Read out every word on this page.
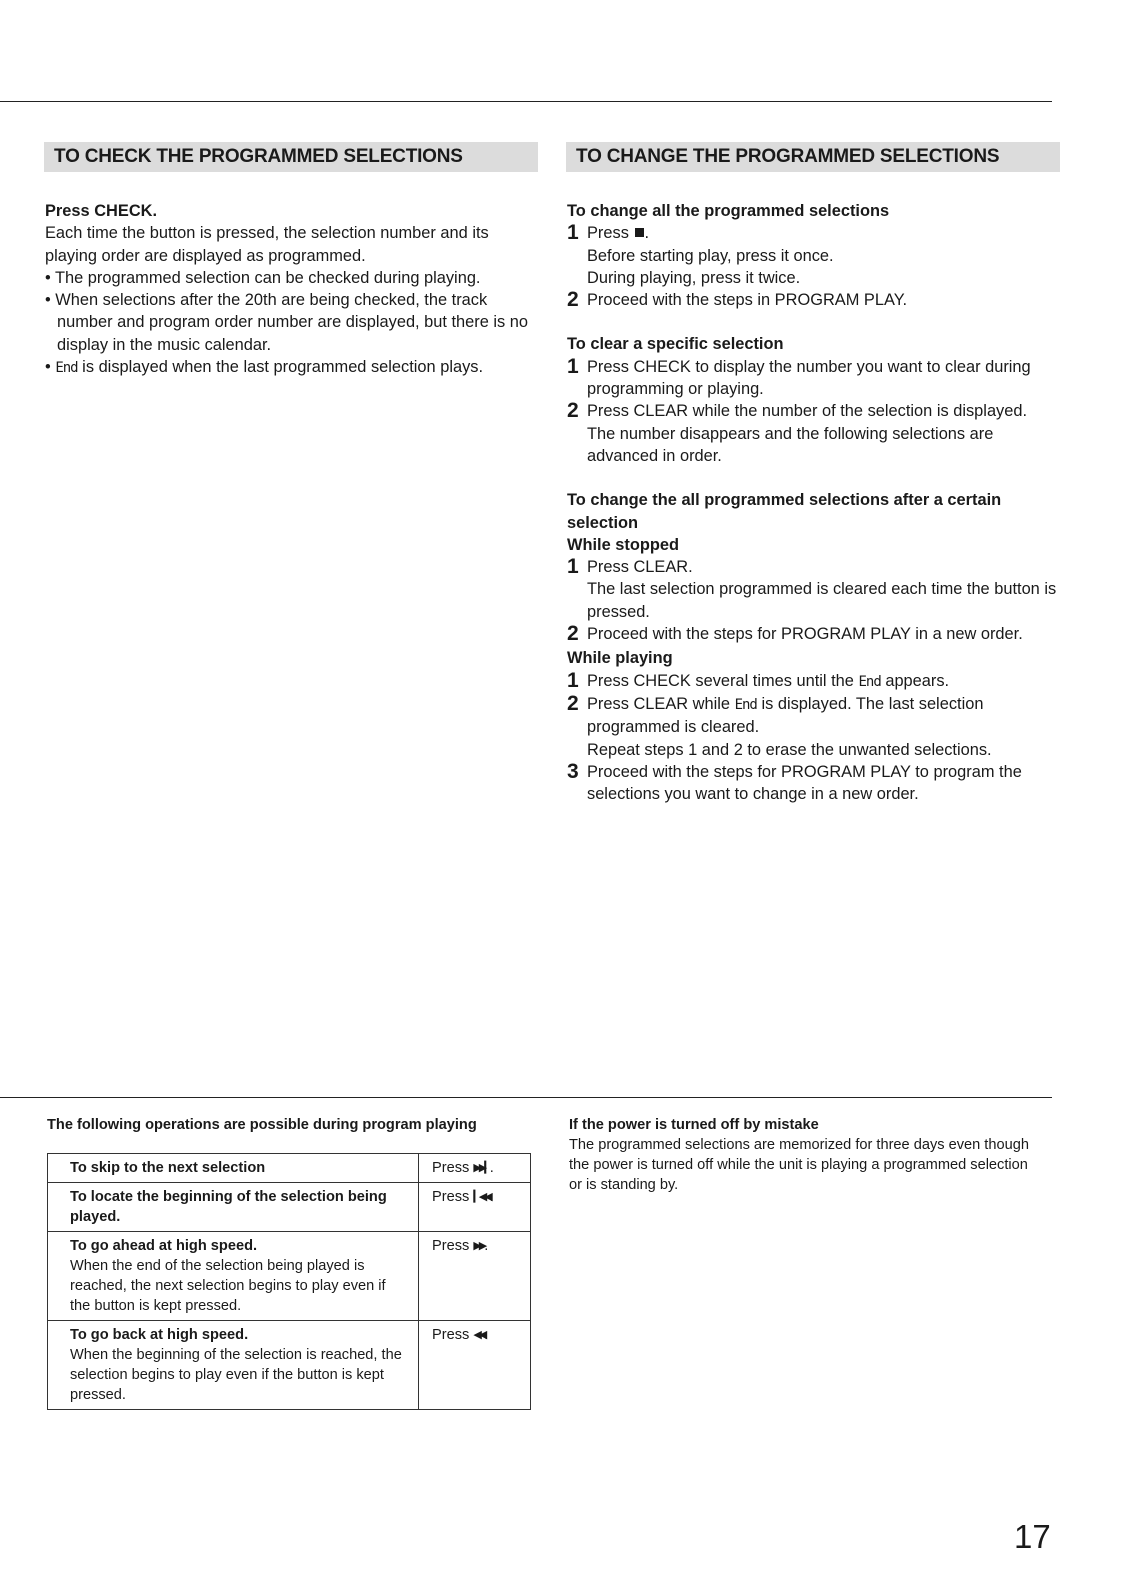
TO CHECK THE PROGRAMMED SELECTIONS
Press CHECK.
Each time the button is pressed, the selection number and its playing order are displayed as programmed.
• The programmed selection can be checked during playing.
• When selections after the 20th are being checked, the track number and program order number are displayed, but there is no display in the music calendar.
• End is displayed when the last programmed selection plays.
TO CHANGE THE PROGRAMMED SELECTIONS
To change all the programmed selections
1 Press .
Before starting play, press it once.
During playing, press it twice.
2 Proceed with the steps in PROGRAM PLAY.
To clear a specific selection
1 Press CHECK to display the number you want to clear during programming or playing.
2 Press CLEAR while the number of the selection is displayed.
The number disappears and the following selections are advanced in order.
To change the all programmed selections after a certain selection
While stopped
1 Press CLEAR.
The last selection programmed is cleared each time the button is pressed.
2 Proceed with the steps for PROGRAM PLAY in a new order.
While playing
1 Press CHECK several times until the End appears.
2 Press CLEAR while End is displayed. The last selection programmed is cleared.
Repeat steps 1 and 2 to erase the unwanted selections.
3 Proceed with the steps for PROGRAM PLAY to program the selections you want to change in a new order.
The following operations are possible during program playing
To skip to the next selection	Press ▶▶▎.

To locate the beginning of the selection being played.	Press ▎◀◀.

To go ahead at high speed.
When the end of the selection being played is reached, the next selection begins to play even if the button is kept pressed.	Press ▶▶.

To go back at high speed.
When the beginning of the selection is reached, the selection begins to play even if the button is kept pressed.	Press ◀◀.
If the power is turned off by mistake
The programmed selections are memorized for three days even though the power is turned off while the unit is playing a programmed selection or is standing by.
17
